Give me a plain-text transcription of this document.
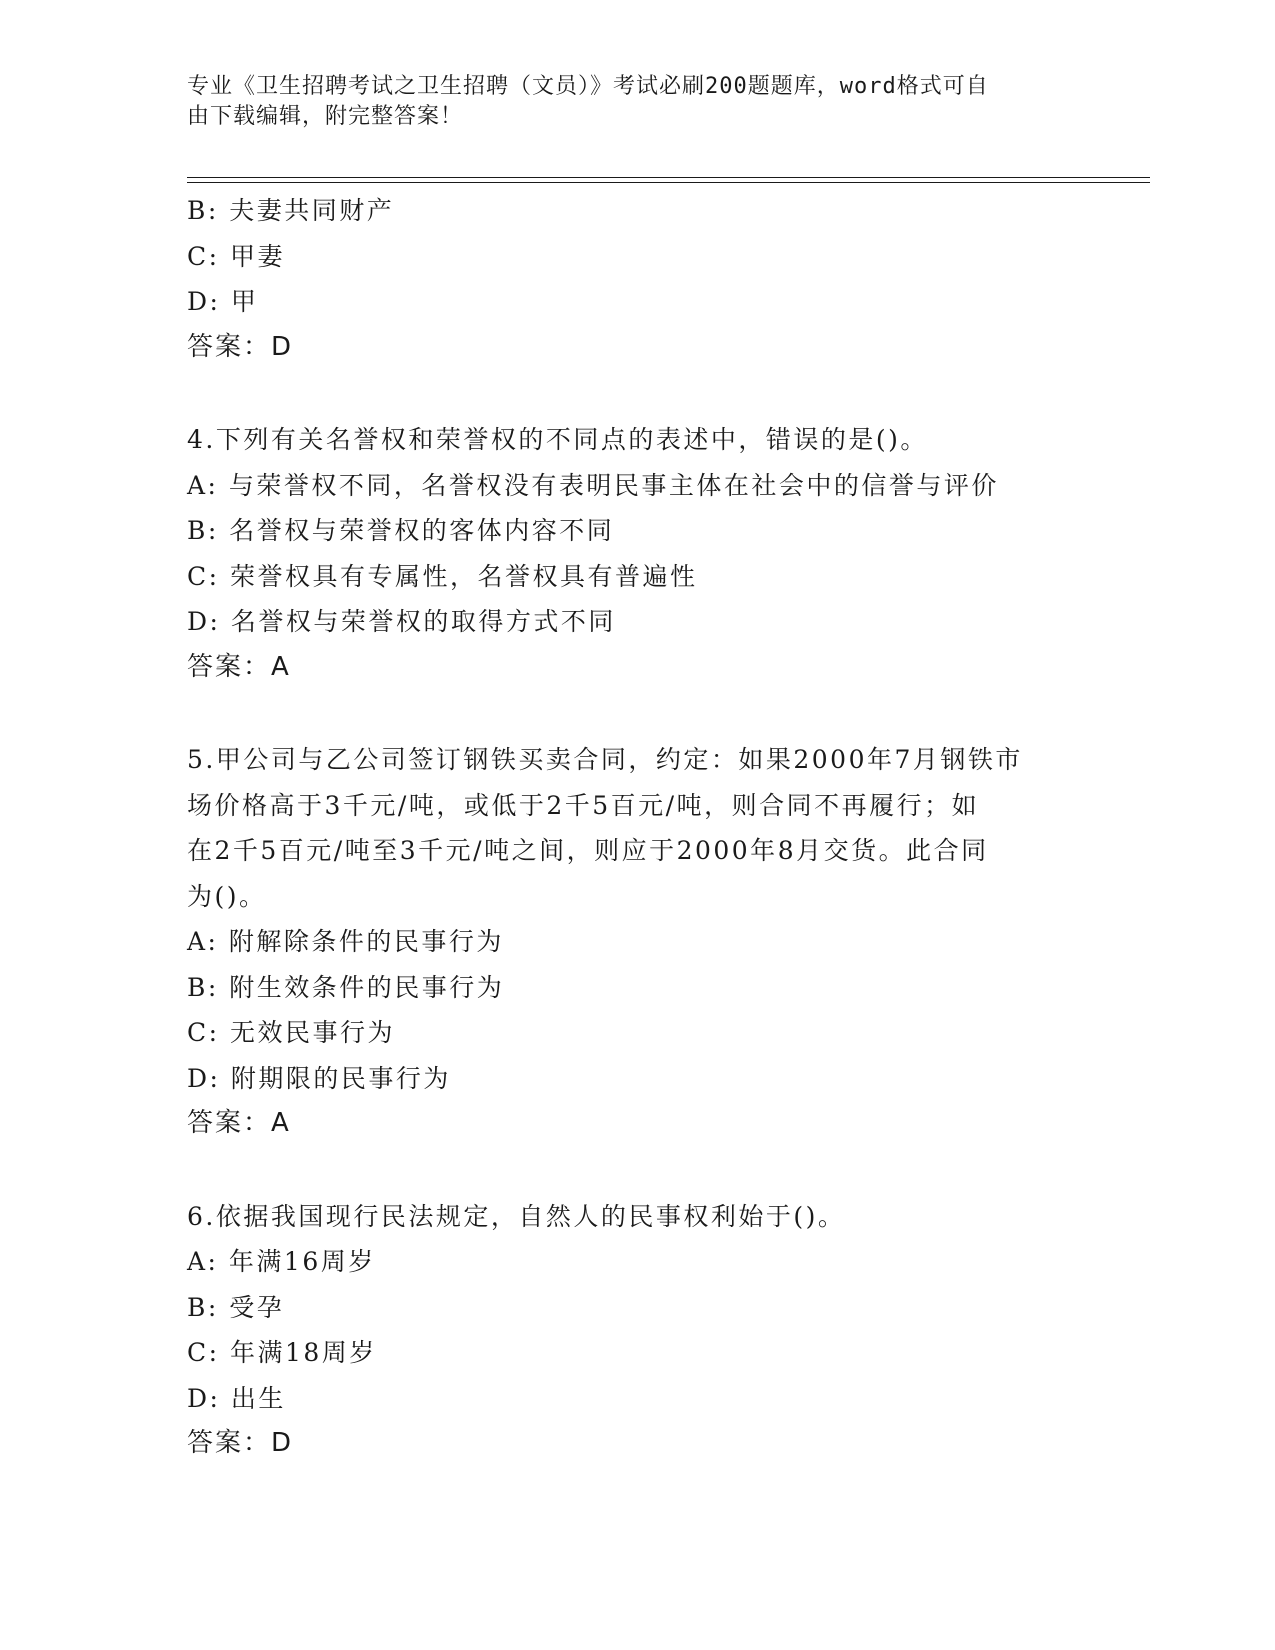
专业《卫生招聘考试之卫生招聘（文员）》考试必刷200题题库，word格式可自
由下载编辑，附完整答案！
B: 夫妻共同财产
C: 甲妻
D: 甲
答案：D
4.下列有关名誉权和荣誉权的不同点的表述中，错误的是()。
A: 与荣誉权不同，名誉权没有表明民事主体在社会中的信誉与评价
B: 名誉权与荣誉权的客体内容不同
C: 荣誉权具有专属性，名誉权具有普遍性
D: 名誉权与荣誉权的取得方式不同
答案：A
5.甲公司与乙公司签订钢铁买卖合同，约定：如果2000年7月钢铁市
场价格高于3千元/吨，或低于2千5百元/吨，则合同不再履行；如
在2千5百元/吨至3千元/吨之间，则应于2000年8月交货。此合同
为()。
A: 附解除条件的民事行为
B: 附生效条件的民事行为
C: 无效民事行为
D: 附期限的民事行为
答案：A
6.依据我国现行民法规定，自然人的民事权利始于()。
A: 年满16周岁
B: 受孕
C: 年满18周岁
D: 出生
答案：D
